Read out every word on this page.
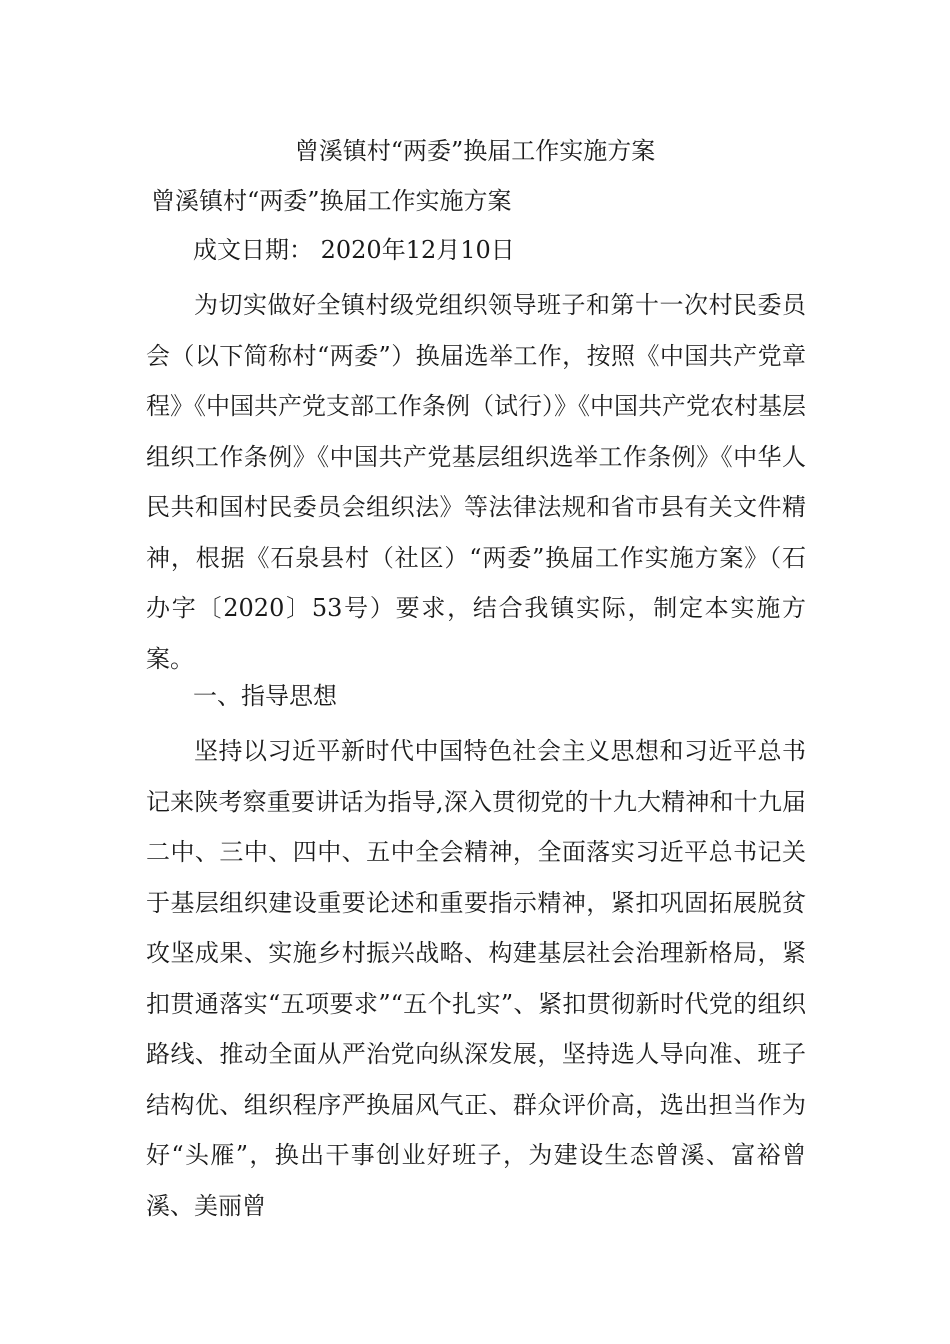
曾溪镇村“两委”换届工作实施方案
曾溪镇村“两委”换届工作实施方案
成文日期： 2020年12月10日

为切实做好全镇村级党组织领导班子和第十一次村民委员会（以下简称村“两委”）换届选举工作，按照《中国共产党章程》《中国共产党支部工作条例（试行）》《中国共产党农村基层组织工作条例》《中国共产党基层组织选举工作条例》《中华人民共和国村民委员会组织法》等法律法规和省市县有关文件精神，根据《石泉县村（社区）“两委”换届工作实施方案》（石办字〔2020〕53号）要求，结合我镇实际，制定本实施方案。

一、指导思想

坚持以习近平新时代中国特色社会主义思想和习近平总书记来陕考察重要讲话为指导,深入贯彻党的十九大精神和十九届二中、三中、四中、五中全会精神，全面落实习近平总书记关于基层组织建设重要论述和重要指示精神，紧扣巩固拓展脱贫攻坚成果、实施乡村振兴战略、构建基层社会治理新格局，紧扣贯通落实“五项要求”“五个扎实”、紧扣贯彻新时代党的组织路线、推动全面从严治党向纵深发展，坚持选人导向准、班子结构优、组织程序严换届风气正、群众评价高，选出担当作为好“头雁”，换出干事创业好班子，为建设生态曾溪、富裕曾溪、美丽曾
